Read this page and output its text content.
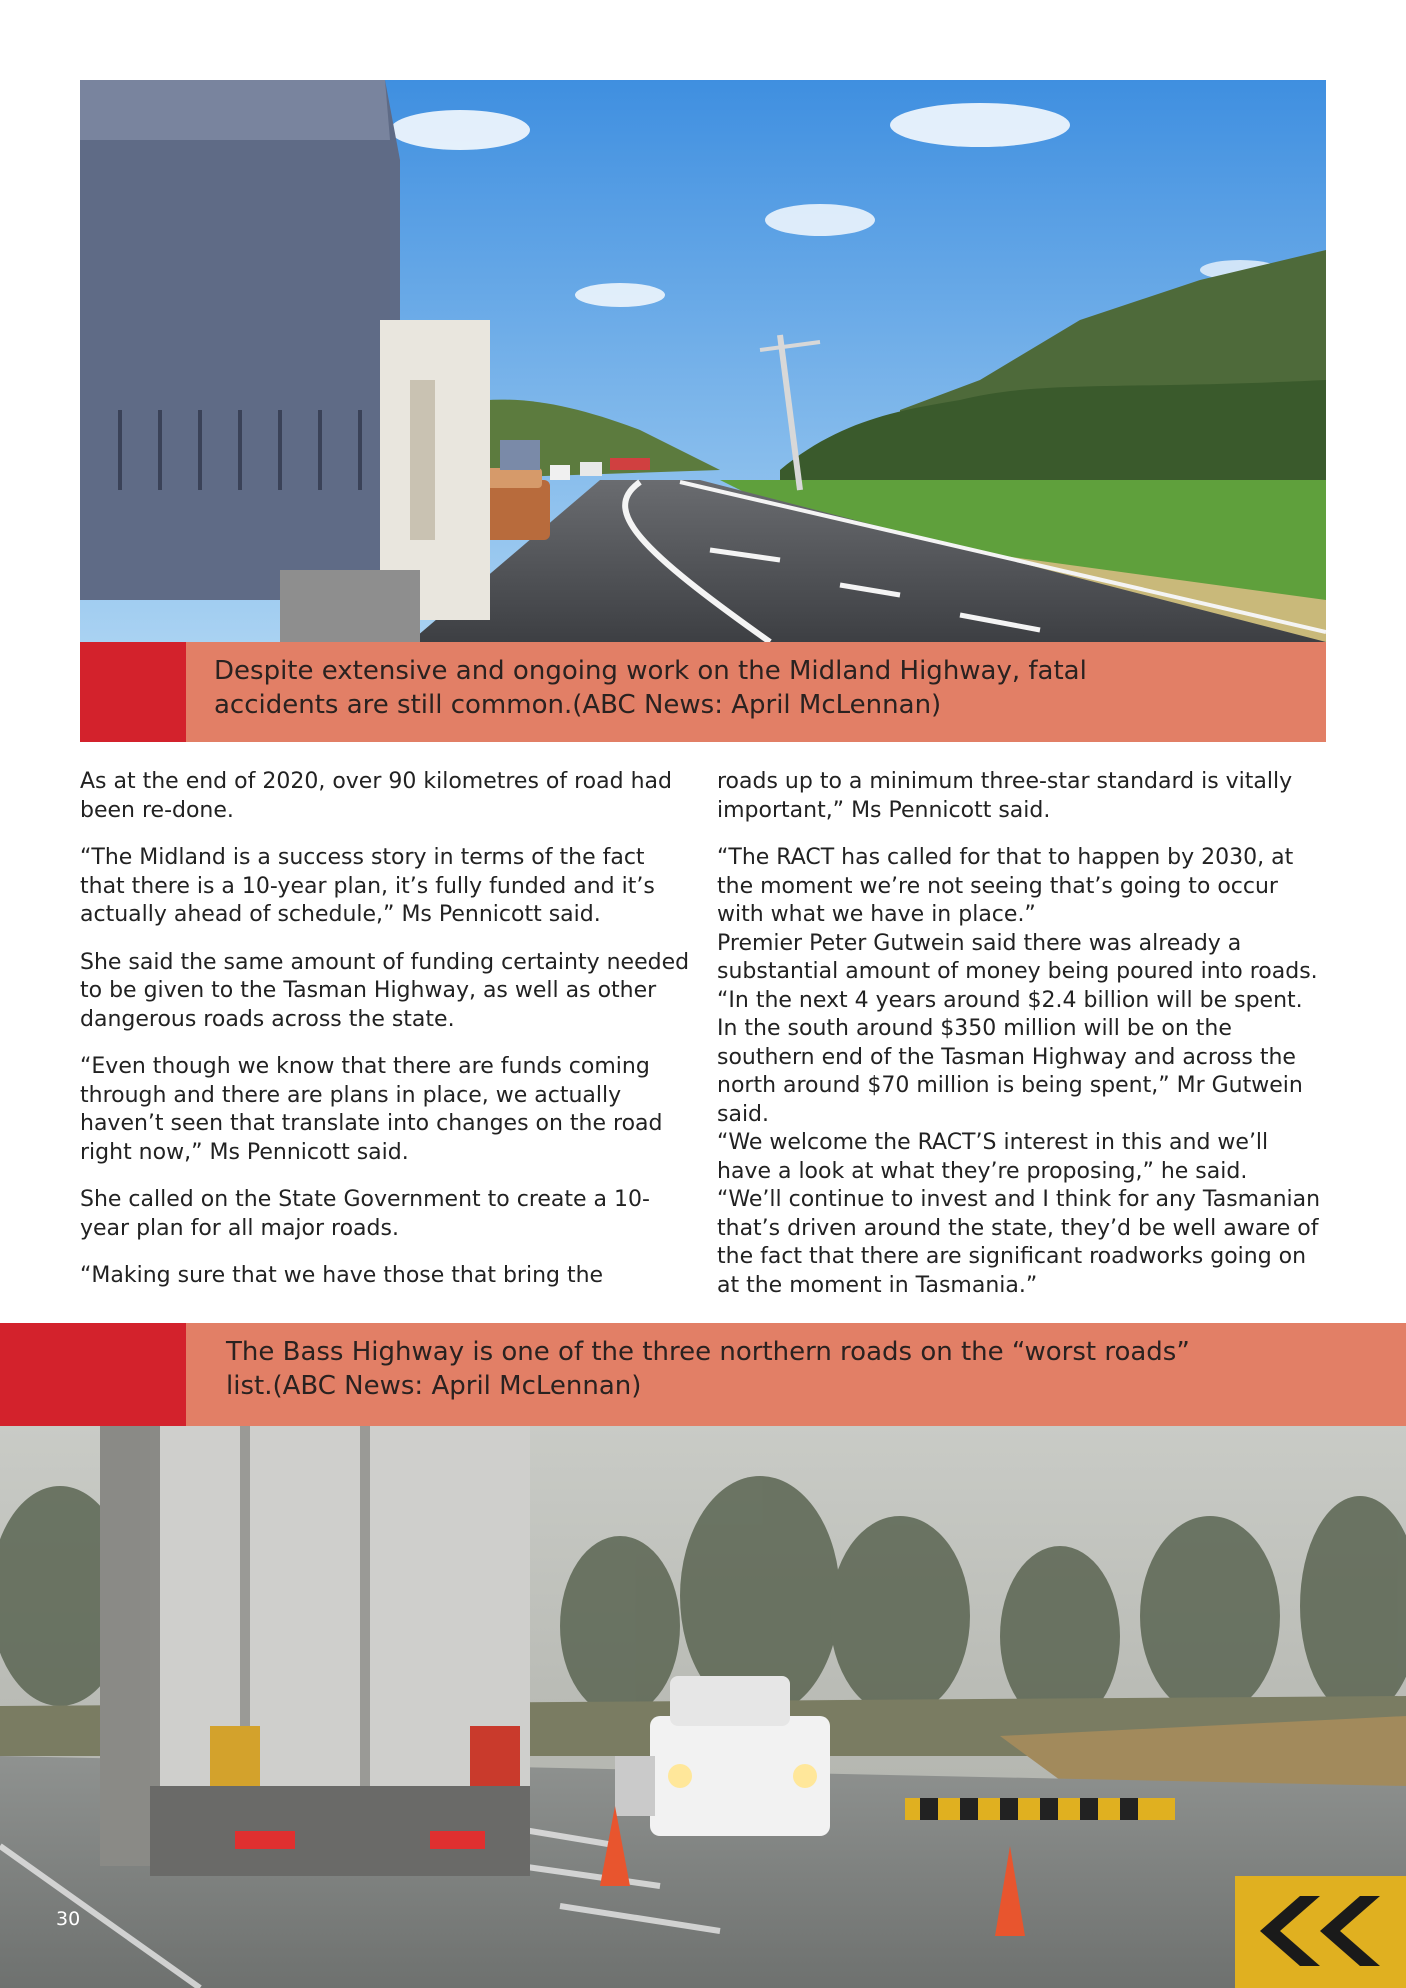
Despite extensive and ongoing work on the Midland Highway, fatal accidents are still common.(ABC News: April McLennan)

As at the end of 2020, over 90 kilometres of road had been re-done.

“The Midland is a success story in terms of the fact that there is a 10-year plan, it’s fully funded and it’s actually ahead of schedule,” Ms Pennicott said.

She said the same amount of funding certainty needed to be given to the Tasman Highway, as well as other dangerous roads across the state.

“Even though we know that there are funds coming through and there are plans in place, we actually haven’t seen that translate into changes on the road right now,” Ms Pennicott said.

She called on the State Government to create a 10-year plan for all major roads.

“Making sure that we have those that bring the

roads up to a minimum three-star standard is vitally important,” Ms Pennicott said.

“The RACT has called for that to happen by 2030, at the moment we’re not seeing that’s going to occur with what we have in place.”

Premier Peter Gutwein said there was already a substantial amount of money being poured into roads.

“In the next 4 years around $2.4 billion will be spent. In the south around $350 million will be on the southern end of the Tasman Highway and across the north around $70 million is being spent,” Mr Gutwein said.

“We welcome the RACT’S interest in this and we’ll have a look at what they’re proposing,” he said.

“We’ll continue to invest and I think for any Tasmanian that’s driven around the state, they’d be well aware of the fact that there are significant roadworks going on at the moment in Tasmania.”

The Bass Highway is one of the three northern roads on the “worst roads” list.(ABC News: April McLennan)
30
